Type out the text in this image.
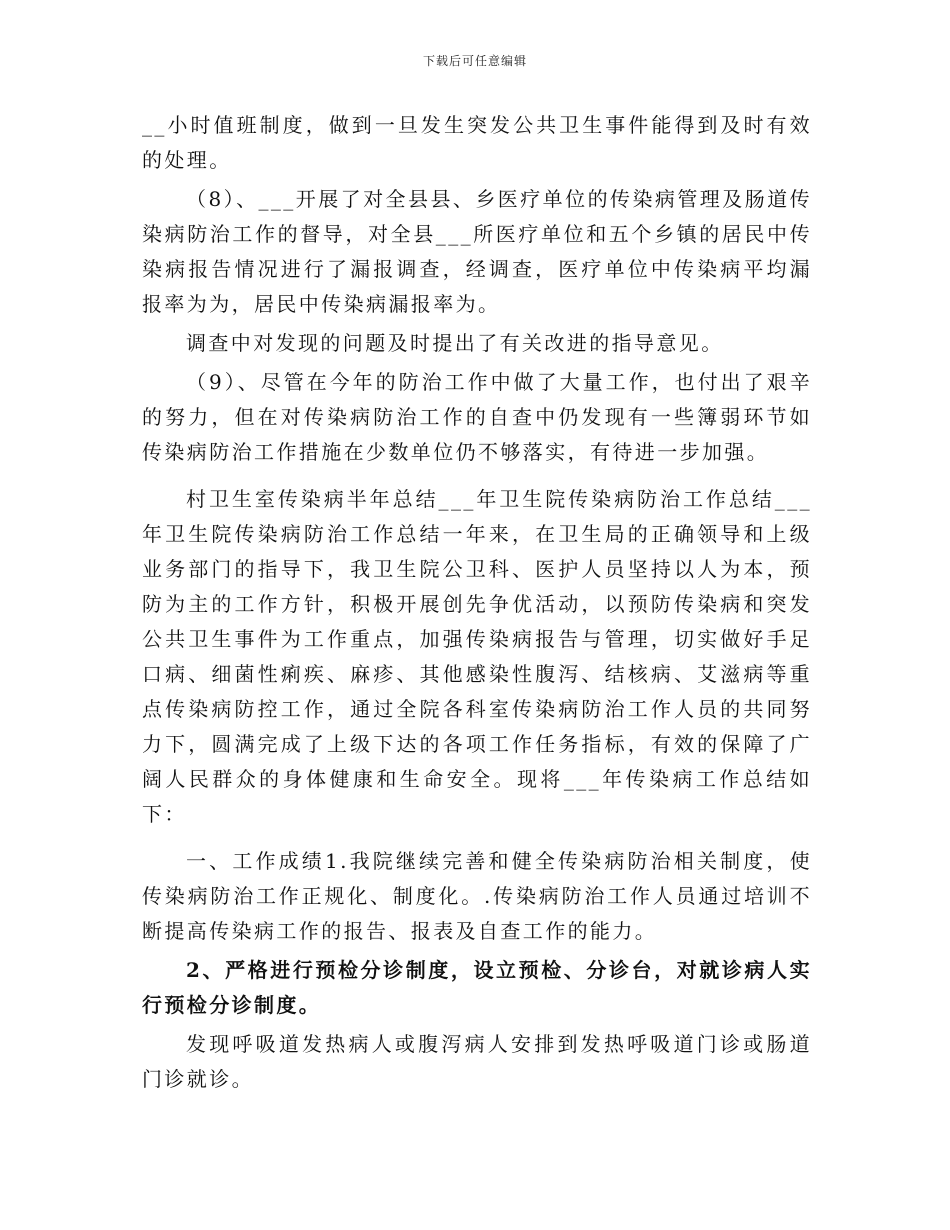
下载后可任意编辑

__小时值班制度，做到一旦发生突发公共卫生事件能得到及时有效的处理。

（8）、___开展了对全县县、乡医疗单位的传染病管理及肠道传染病防治工作的督导，对全县___所医疗单位和五个乡镇的居民中传染病报告情况进行了漏报调查，经调查，医疗单位中传染病平均漏报率为为，居民中传染病漏报率为。

调查中对发现的问题及时提出了有关改进的指导意见。

（9）、尽管在今年的防治工作中做了大量工作，也付出了艰辛的努力，但在对传染病防治工作的自查中仍发现有一些簿弱环节如传染病防治工作措施在少数单位仍不够落实，有待进一步加强。

村卫生室传染病半年总结___年卫生院传染病防治工作总结___年卫生院传染病防治工作总结一年来，在卫生局的正确领导和上级业务部门的指导下，我卫生院公卫科、医护人员坚持以人为本，预防为主的工作方针，积极开展创先争优活动，以预防传染病和突发公共卫生事件为工作重点，加强传染病报告与管理，切实做好手足口病、细菌性痢疾、麻疹、其他感染性腹泻、结核病、艾滋病等重点传染病防控工作，通过全院各科室传染病防治工作人员的共同努力下，圆满完成了上级下达的各项工作任务指标，有效的保障了广阔人民群众的身体健康和生命安全。现将___年传染病工作总结如下：

一、工作成绩1.我院继续完善和健全传染病防治相关制度，使传染病防治工作正规化、制度化。.传染病防治工作人员通过培训不断提高传染病工作的报告、报表及自查工作的能力。

2、严格进行预检分诊制度，设立预检、分诊台，对就诊病人实行预检分诊制度。

发现呼吸道发热病人或腹泻病人安排到发热呼吸道门诊或肠道门诊就诊。
